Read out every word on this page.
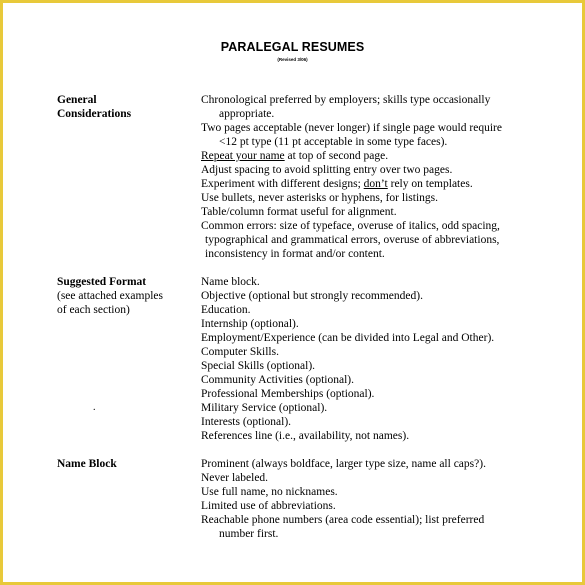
PARALEGAL RESUMES
(Revised 3/06)
General
Considerations
Chronological preferred by employers; skills type occasionally
appropriate.
Two pages acceptable (never longer) if single page would require
<12 pt type (11 pt acceptable in some type faces).
Repeat your name at top of second page.
Adjust spacing to avoid splitting entry over two pages.
Experiment with different designs; don’t rely on templates.
Use bullets, never asterisks or hyphens, for listings.
Table/column format useful for alignment.
Common errors: size of typeface, overuse of italics, odd spacing,
typographical and grammatical errors, overuse of abbreviations,
inconsistency in format and/or content.
Suggested Format
(see attached examples
of each section)
.
Name block.
Objective (optional but strongly recommended).
Education.
Internship (optional).
Employment/Experience (can be divided into Legal and Other).
Computer Skills.
Special Skills (optional).
Community Activities (optional).
Professional Memberships (optional).
Military Service (optional).
Interests (optional).
References line (i.e., availability, not names).
Name Block	Prominent (always boldface, larger type size, name all caps?).
Never labeled.
Use full name, no nicknames.
Limited use of abbreviations.
Reachable phone numbers (area code essential); list preferred
number first.
